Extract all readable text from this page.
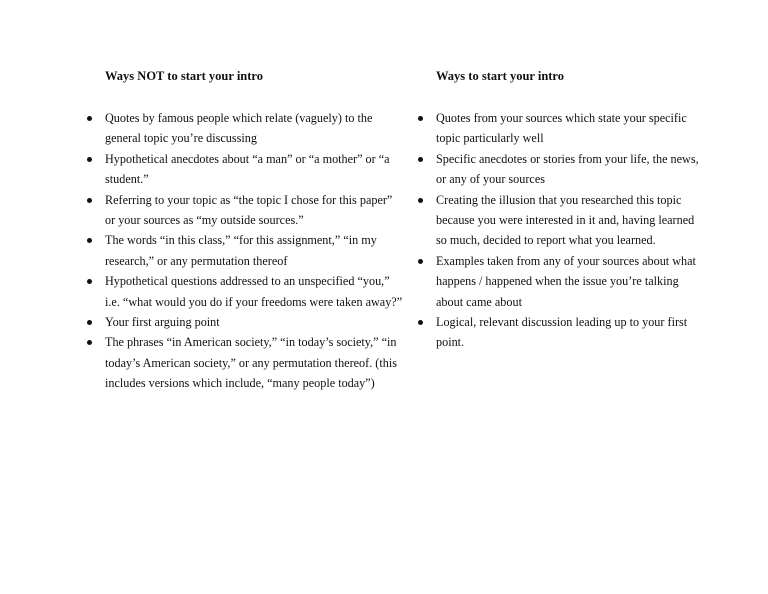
Ways NOT to start your intro
Quotes by famous people which relate (vaguely) to the general topic you’re discussing
Hypothetical anecdotes about “a man” or “a mother” or “a student.”
Referring to your topic as “the topic I chose for this paper” or your sources as “my outside sources.”
The words “in this class,” “for this assignment,” “in my research,” or any permutation thereof
Hypothetical questions addressed to an unspecified “you,” i.e. “what would you do if your freedoms were taken away?”
Your first arguing point
The phrases “in American society,” “in today’s society,” “in today’s American society,” or any permutation thereof. (this includes versions which include, “many people today”)
Ways to start your intro
Quotes from your sources which state your specific topic particularly well
Specific anecdotes or stories from your life, the news, or any of your sources
Creating the illusion that you researched this topic because you were interested in it and, having learned so much, decided to report what you learned.
Examples taken from any of your sources about what happens / happened when the issue you’re talking about came about
Logical, relevant discussion leading up to your first point.
